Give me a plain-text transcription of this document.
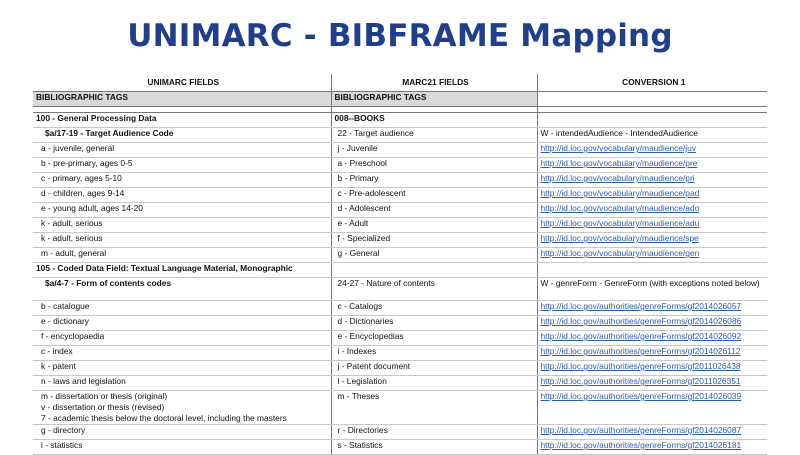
UNIMARC - BIBFRAME Mapping
UNIMARC FIELDS	MARC21 FIELDS	CONVERSION 1
BIBLIOGRAPHIC TAGS	BIBLIOGRAPHIC TAGS	

100 - General Processing Data	008--BOOKS	
$a/17-19 - Target Audience Code	22 - Target audience	W - intendedAudience - IntendedAudience
a - juvenile, general	j - Juvenile	http://id.loc.gov/vocabulary/maudience/juv
b - pre-primary, ages 0-5	a - Preschool	http://id.loc.gov/vocabulary/maudience/pre
c - primary, ages 5-10	b - Primary	http://id.loc.gov/vocabulary/maudience/pri
d - children, ages 9-14	c - Pre-adolescent	http://id.loc.gov/vocabulary/maudience/pad
e - young adult, ages 14-20	d - Adolescent	http://id.loc.gov/vocabulary/maudience/ado
k - adult, serious	e - Adult	http://id.loc.gov/vocabulary/maudience/adu
k - adult, serious	f - Specialized	http://id.loc.gov/vocabulary/maudience/spe
m - adult, general	g - General	http://id.loc.gov/vocabulary/maudience/gen
105 - Coded Data Field: Textual Language Material, Monographic		
$a/4-7 - Form of contents codes	24-27 - Nature of contents	W - genreForm - GenreForm (with exceptions noted below)
b - catalogue	c - Catalogs	http://id.loc.gov/authorities/genreForms/gf2014026057
e - dictionary	d - Dictionaries	http://id.loc.gov/authorities/genreForms/gf2014026086
f - encyclopaedia	e - Encyclopedias	http://id.loc.gov/authorities/genreForms/gf2014026092
c - index	i - Indexes	http://id.loc.gov/authorities/genreForms/gf2014026112
k - patent	j - Patent document	http://id.loc.gov/authorities/genreForms/gf2011026438
n - laws and legislation	l - Legislation	http://id.loc.gov/authorities/genreForms/gf2011026351

m - dissertation or thesis (original)
v - dissertation or thesis (revised)
7 - academic thesis below the doctoral level, including the masters	m - Theses	http://id.loc.gov/authorities/genreForms/gf2014026039
g - directory	r - Directories	http://id.loc.gov/authorities/genreForms/gf2014026087
i - statistics	s - Statistics	http://id.loc.gov/authorities/genreForms/gf2014026181
